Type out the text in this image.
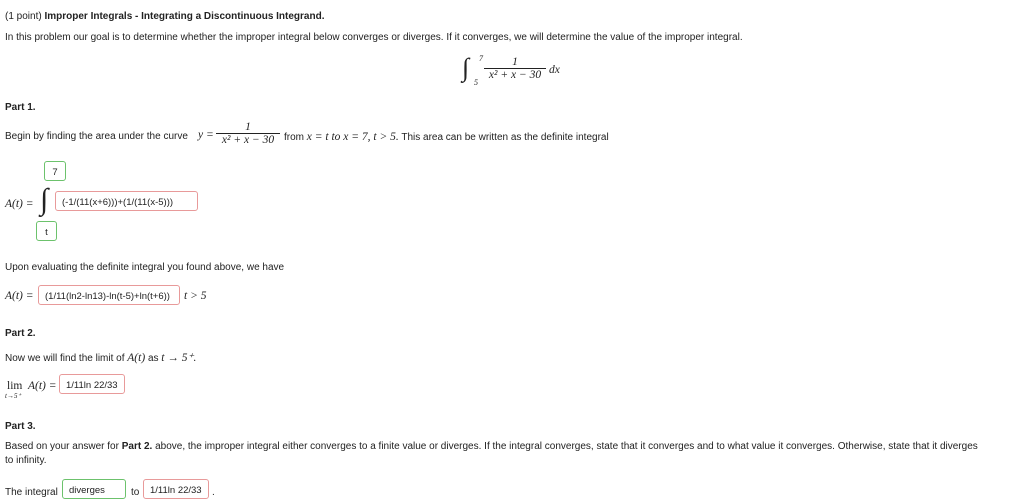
(1 point) Improper Integrals - Integrating a Discontinuous Integrand.
In this problem our goal is to determine whether the improper integral below converges or diverges. If it converges, we will determine the value of the improper integral.
∫ 7
5
1
x² + x − 30 dx
Part 1.
Begin by finding the area under the curve y =
1
x² + x − 30 from x = t to x = 7, t > 5. This area can be written as the definite integral
A(t) = ∫
7
t
(-1/(11(x+6)))+(1/(11(x-5)))
Upon evaluating the definite integral you found above, we have
A(t) =	(1/11(ln2-ln13)-ln(t-5)+ln(t+6))	t > 5
Part 2.
Now we will find the limit of A(t) as t → 5⁺.
lim
t→5⁺
A(t) = 1/11ln 22/33
Part 3.
Based on your answer for Part 2. above, the improper integral either converges to a finite value or diverges. If the integral converges, state that it converges and to what value it converges. Otherwise, state that it diverges
to infinity.
The integral	diverges	to	1/11ln 22/33	.
